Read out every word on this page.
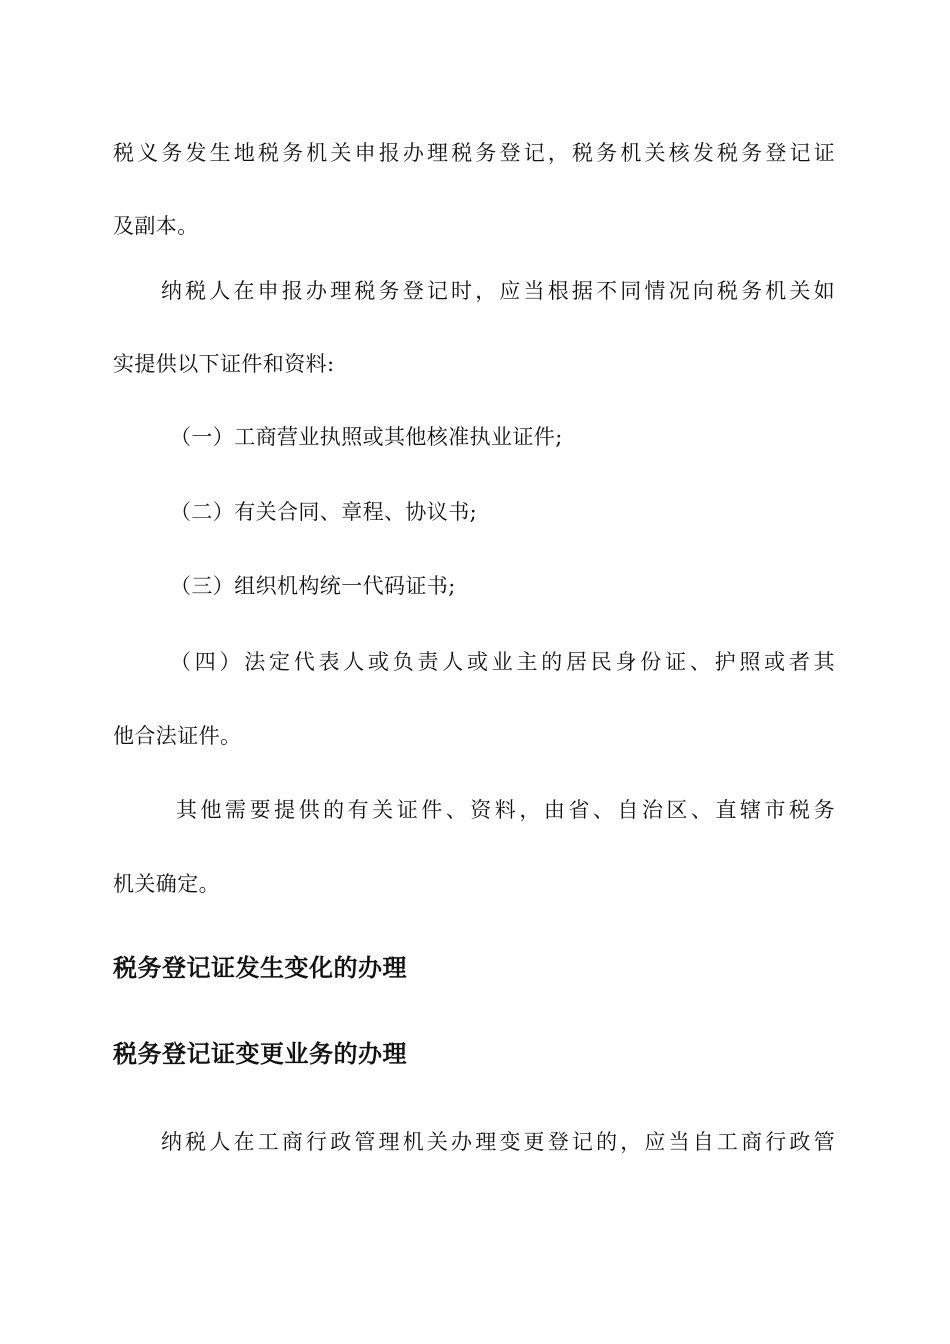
税义务发生地税务机关申报办理税务登记，税务机关核发税务登记证
及副本。
纳税人在申报办理税务登记时，应当根据不同情况向税务机关如
实提供以下证件和资料:
（一）工商营业执照或其他核准执业证件;
（二）有关合同、章程、协议书;
（三）组织机构统一代码证书;
（四）法定代表人或负责人或业主的居民身份证、护照或者其
他合法证件。
其他需要提供的有关证件、资料，由省、自治区、直辖市税务
机关确定。
税务登记证发生变化的办理
税务登记证变更业务的办理
纳税人在工商行政管理机关办理变更登记的，应当自工商行政管
